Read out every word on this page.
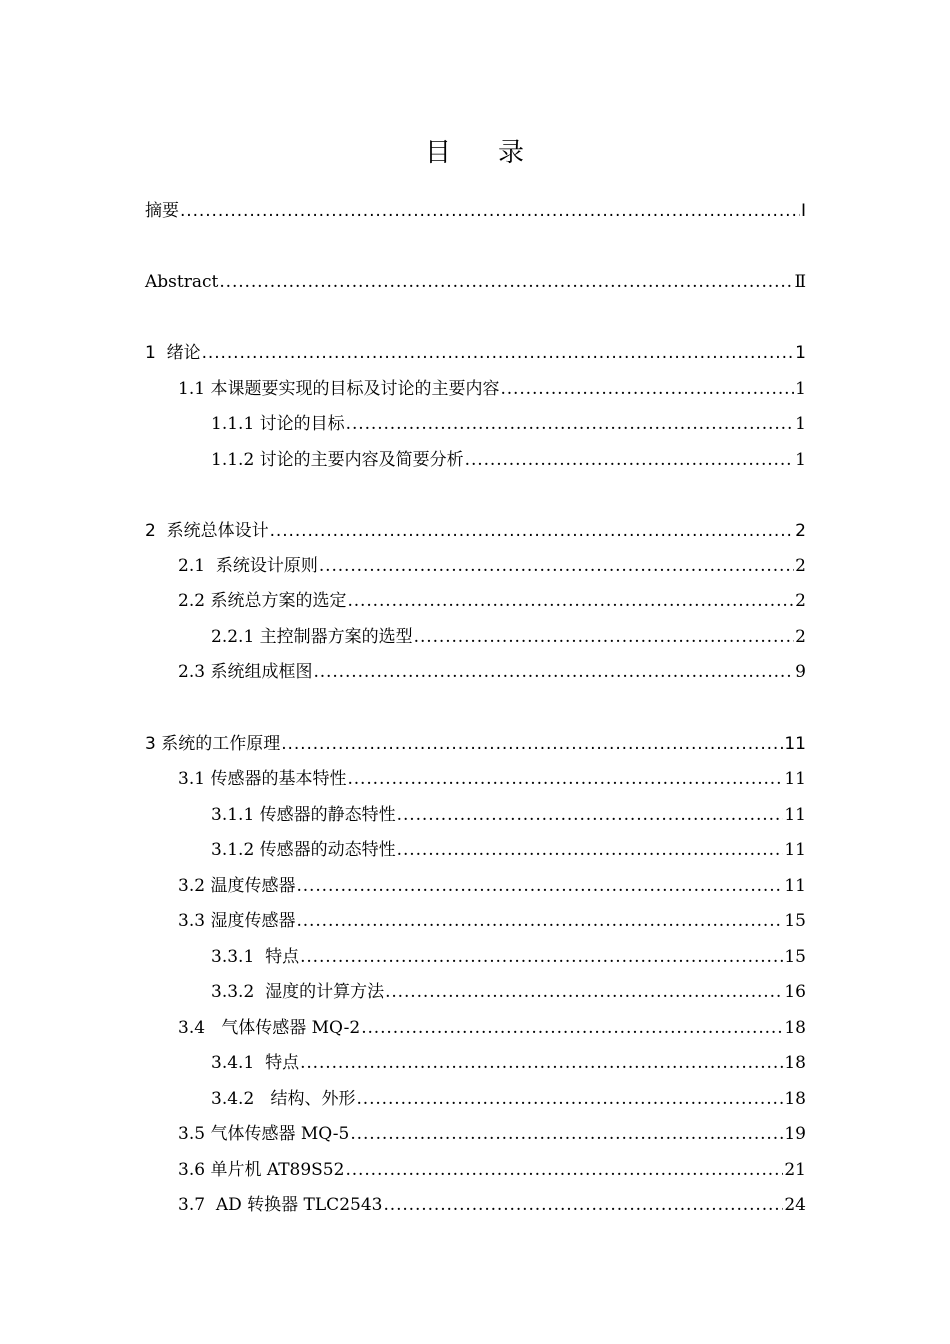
目 录
摘要 .....	I
Abstract .....	Ⅱ
1  绪论 .....	1
1.1 本课题要实现的目标及讨论的主要内容 .....	1
1.1.1 讨论的目标 .....	1
1.1.2 讨论的主要内容及简要分析 .....	1
2  系统总体设计 .....	2
2.1  系统设计原则 .....	2
2.2 系统总方案的选定 .....	2
2.2.1 主控制器方案的选型 .....	2
2.3 系统组成框图 .....	9
3 系统的工作原理 .....	11
3.1 传感器的基本特性 .....	11
3.1.1 传感器的静态特性 .....	11
3.1.2 传感器的动态特性 .....	11
3.2 温度传感器 .....	11
3.3 湿度传感器 .....	15
3.3.1  特点 .....	15
3.3.2  湿度的计算方法 .....	16
3.4   气体传感器 MQ-2 .....	18
3.4.1  特点 .....	18
3.4.2   结构、外形 .....	18
3.5 气体传感器 MQ-5 .....	19
3.6 单片机 AT89S52 .....	21
3.7  AD 转换器 TLC2543 .....	24
